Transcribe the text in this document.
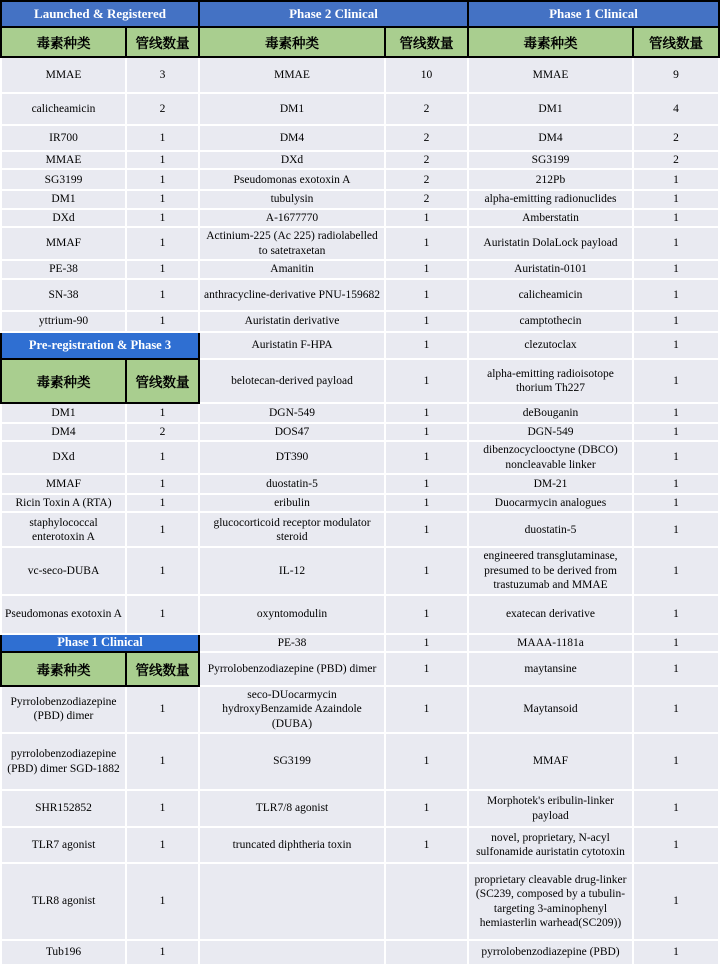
Launched & Registered		Phase 2 Clinical		Phase 1 Clinical	
毒素种类	管线数量	毒素种类	管线数量	毒素种类	管线数量
MMAE	3	MMAE	10	MMAE	9
calicheamicin	2	DM1	2	DM1	4
IR700	1	DM4	2	DM4	2
MMAE	1	DXd	2	SG3199	2
SG3199	1	Pseudomonas exotoxin A	2	212Pb	1
DM1	1	tubulysin	2	alpha-emitting radionuclides	1
DXd	1	A-1677770	1	Amberstatin	1
MMAF	1	Actinium-225 (Ac 225) radiolabelled to satetraxetan	1	Auristatin DolaLock payload	1
PE-38	1	Amanitin	1	Auristatin-0101	1
SN-38	1	anthracycline-derivative PNU-159682	1	calicheamicin	1
yttrium-90	1	Auristatin derivative	1	camptothecin	1
Pre-registration & Phase 3		Auristatin F-HPA	1	clezutoclax	1
毒素种类	管线数量	belotecan-derived payload	1	alpha-emitting radioisotope thorium Th227	1
DM1	1	DGN-549	1	deBouganin	1
DM4	2	DOS47	1	DGN-549	1
DXd	1	DT390	1	dibenzocyclooctyne (DBCO) noncleavable linker	1
MMAF	1	duostatin-5	1	DM-21	1
Ricin Toxin A (RTA)	1	eribulin	1	Duocarmycin analogues	1
staphylococcal enterotoxin A	1	glucocorticoid receptor modulator steroid	1	duostatin-5	1
vc-seco-DUBA	1	IL-12	1	engineered transglutaminase, presumed to be derived from trastuzumab and MMAE	1
Pseudomonas exotoxin A	1	oxyntomodulin	1	exatecan derivative	1
Phase 1 Clinical		PE-38	1	MAAA-1181a	1
毒素种类	管线数量	Pyrrolobenzodiazepine (PBD) dimer	1	maytansine	1
Pyrrolobenzodiazepine (PBD) dimer	1	seco-DUocarmycin hydroxyBenzamide Azaindole (DUBA)	1	Maytansoid	1
pyrrolobenzodiazepine (PBD) dimer SGD-1882	1	SG3199	1	MMAF	1
SHR152852	1	TLR7/8 agonist	1	Morphotek's eribulin-linker payload	1
TLR7 agonist	1	truncated diphtheria toxin	1	novel, proprietary, N-acyl sulfonamide auristatin cytotoxin	1
TLR8 agonist	1			proprietary cleavable drug-linker (SC239, composed by a tubulin-targeting 3-aminophenyl hemiasterlin warhead(SC209))	1
Tub196	1			pyrrolobenzodiazepine (PBD)	1
